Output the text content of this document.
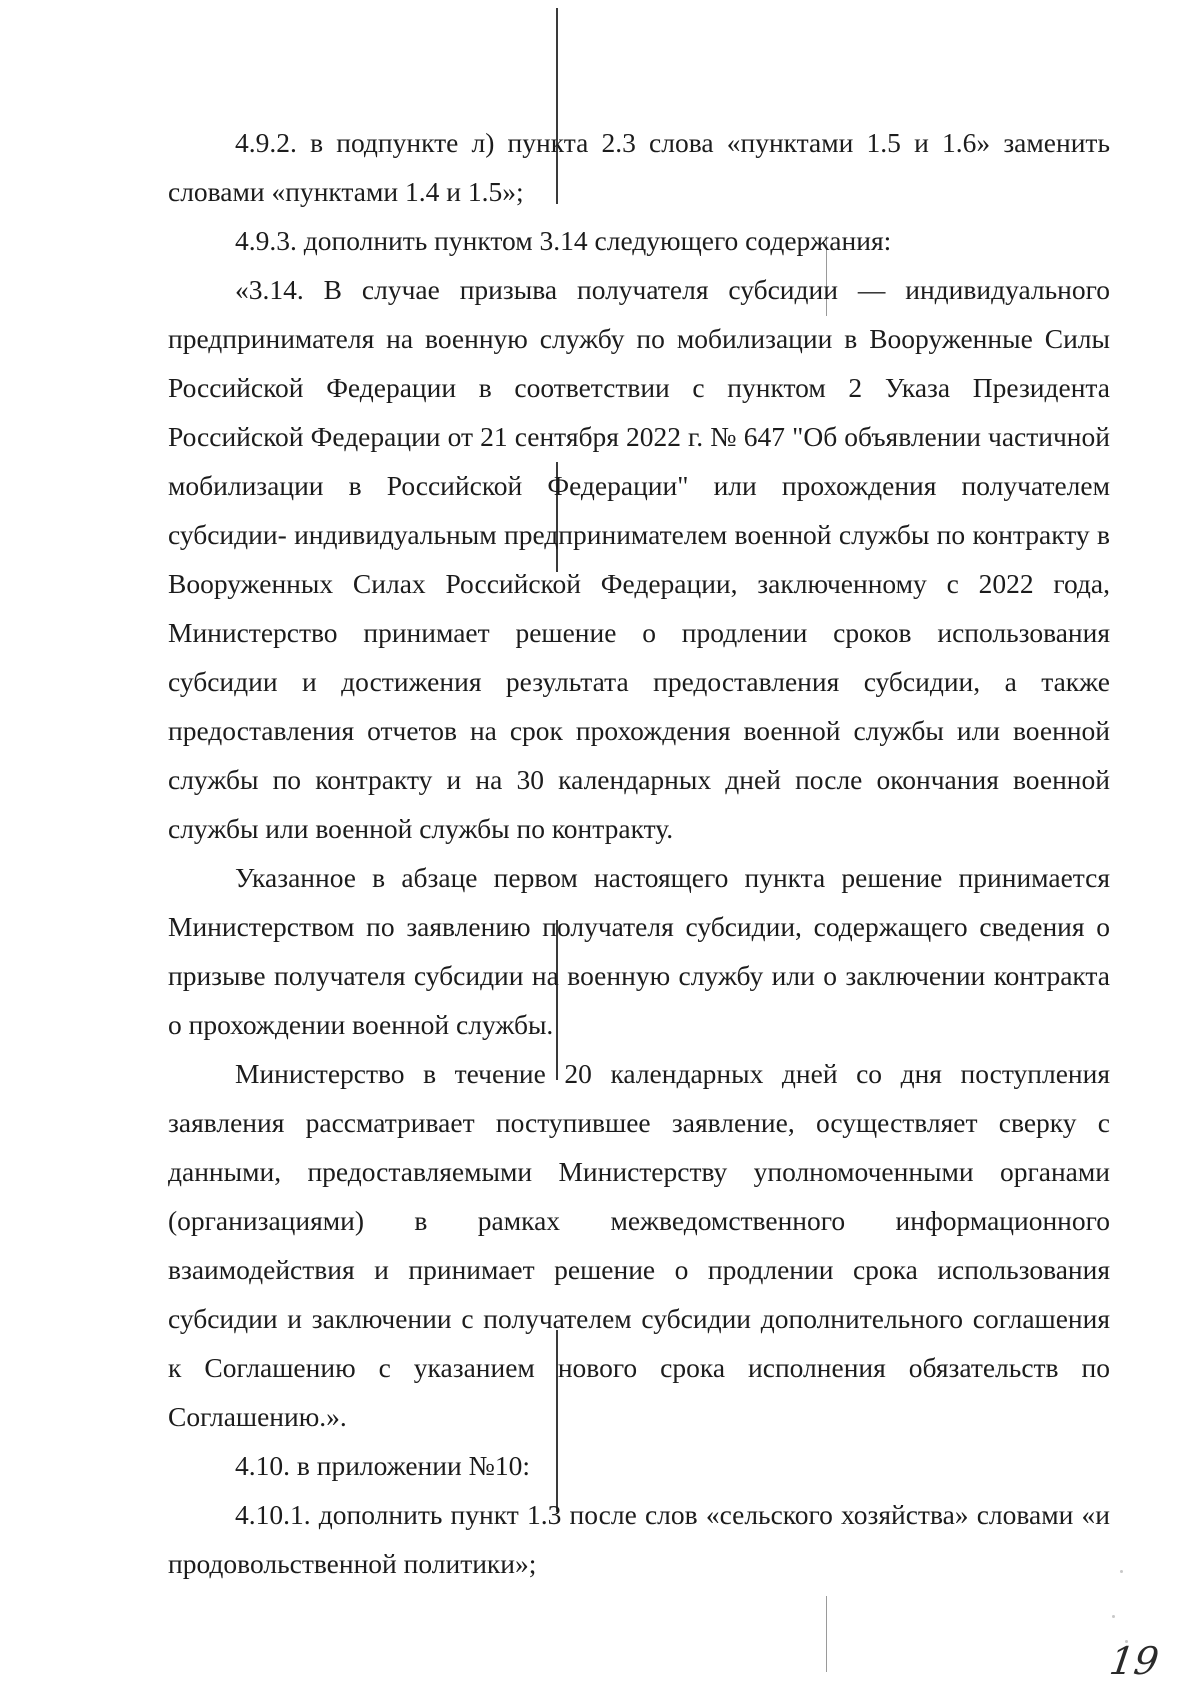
4.9.2. в подпункте л) пункта 2.3 слова «пунктами 1.5 и 1.6» заменить словами «пунктами 1.4 и 1.5»;

4.9.3. дополнить пунктом 3.14 следующего содержания:

«3.14. В случае призыва получателя субсидии — индивидуального предпринимателя на военную службу по мобилизации в Вооруженные Силы Российской Федерации в соответствии с пунктом 2 Указа Президента Российской Федерации от 21 сентября 2022 г. № 647 "Об объявлении частичной мобилизации в Российской Федерации" или прохождения получателем субсидии- индивидуальным предпринимателем военной службы по контракту в Вооруженных Силах Российской Федерации, заключенному с 2022 года, Министерство принимает решение о продлении сроков использования субсидии и достижения результата предоставления субсидии, а также предоставления отчетов на срок прохождения военной службы или военной службы по контракту и на 30 календарных дней после окончания военной службы или военной службы по контракту.

Указанное в абзаце первом настоящего пункта решение принимается Министерством по заявлению получателя субсидии, содержащего сведения о призыве получателя субсидии на военную службу или о заключении контракта о прохождении военной службы.

Министерство в течение 20 календарных дней со дня поступления заявления рассматривает поступившее заявление, осуществляет сверку с данными, предоставляемыми Министерству уполномоченными органами (организациями) в рамках межведомственного информационного взаимодействия и принимает решение о продлении срока использования субсидии и заключении с получателем субсидии дополнительного соглашения к Соглашению с указанием нового срока исполнения обязательств по Соглашению.».

4.10. в приложении №10:

4.10.1. дополнить пункт 1.3 после слов «сельского хозяйства» словами «и продовольственной политики»;

19
